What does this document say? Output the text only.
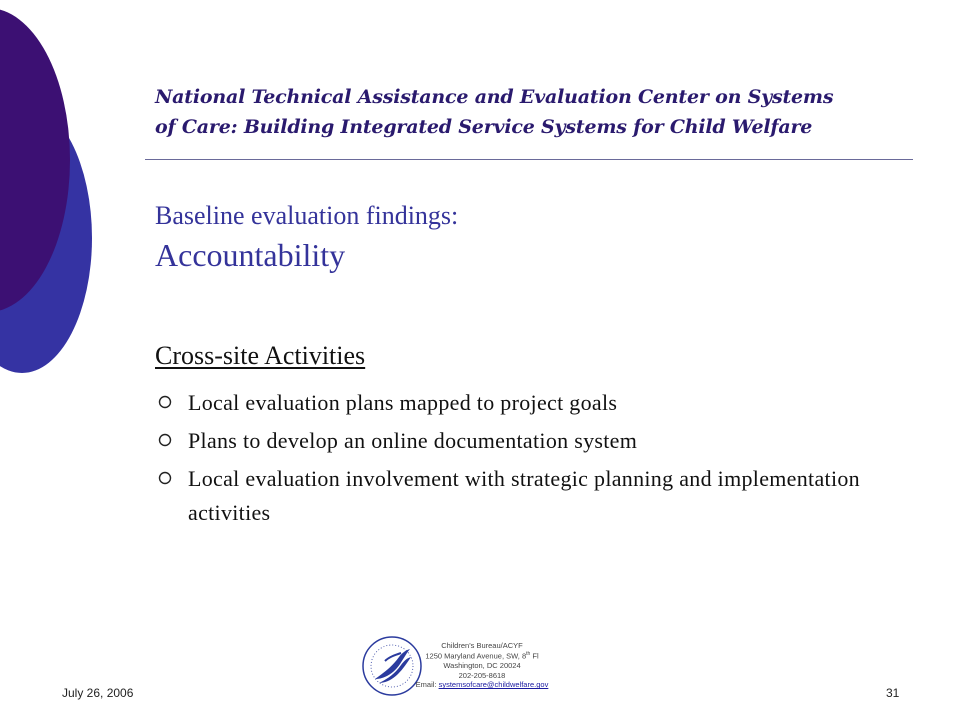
National Technical Assistance and Evaluation Center on Systems
of Care: Building Integrated Service Systems for Child Welfare
Baseline evaluation findings:
Accountability
Cross-site Activities
Local evaluation plans mapped to project goals
Plans to develop an online documentation system
Local evaluation involvement with strategic planning and implementation activities
July 26, 2006
Children's Bureau/ACYF
1250 Maryland Avenue, SW, 8th Fl
Washington, DC 20024
202-205-8618
Email: systemsofcare@childwelfare.gov
31
